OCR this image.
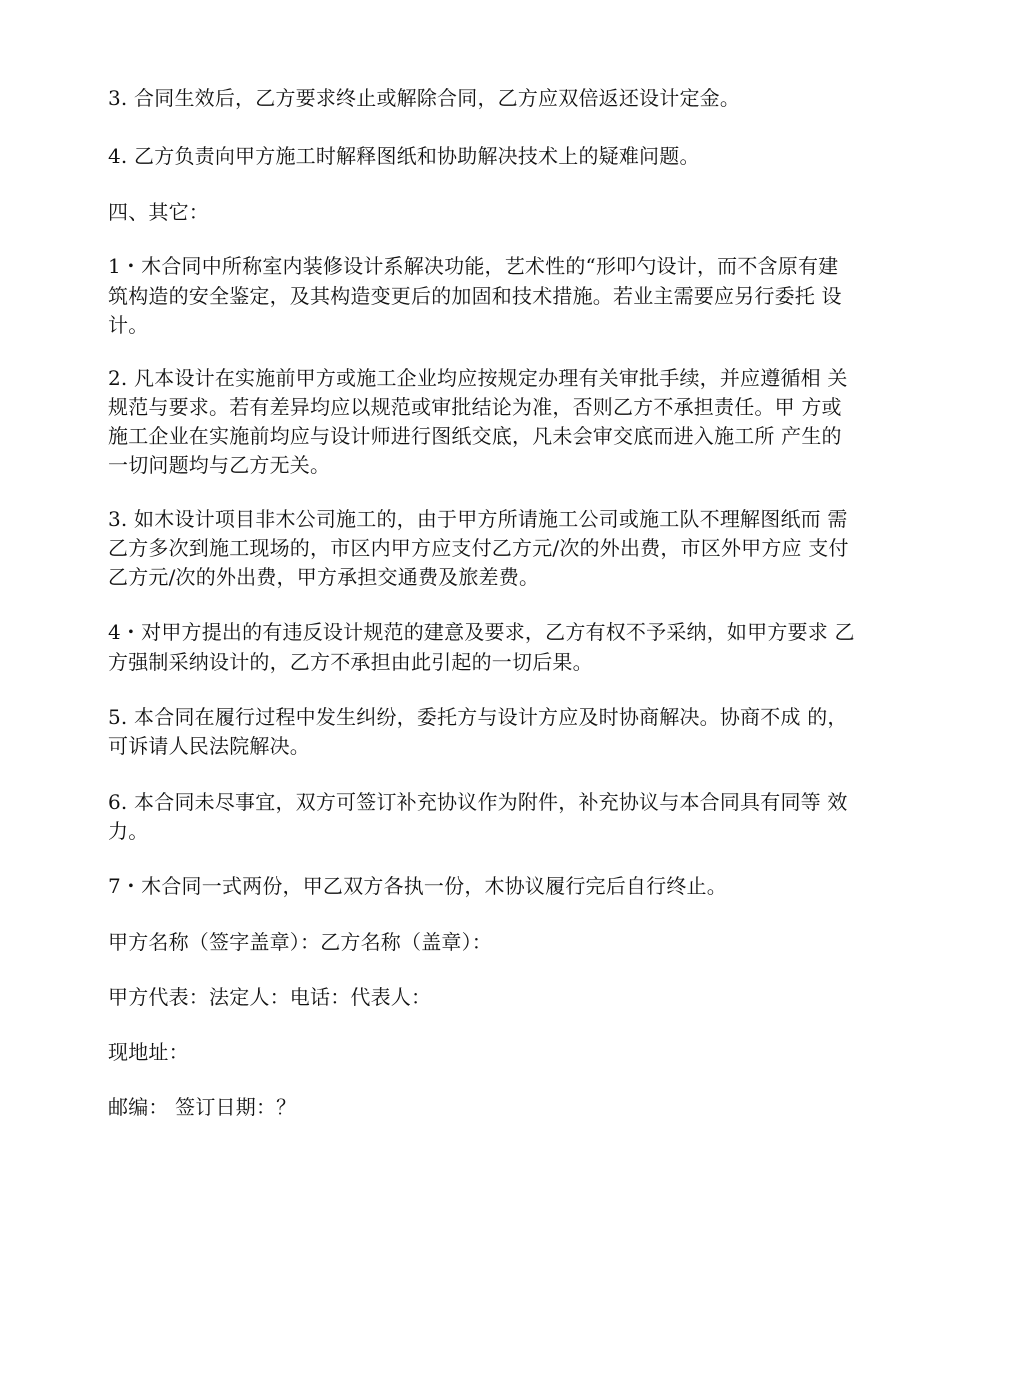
3. 合同生效后，乙方要求终止或解除合同，乙方应双倍返还设计定金。

4. 乙方负责向甲方施工时解释图纸和协助解决技术上的疑难问题。

四、其它：

1・木合同中所称室内装修设计系解决功能，艺术性的“形叩勺设计，而不含原有建

筑构造的安全鉴定，及其构造变更后的加固和技术措施。若业主需要应另行委托 设

计。

2. 凡本设计在实施前甲方或施工企业均应按规定办理有关审批手续，并应遵循相 关

规范与要求。若有差异均应以规范或审批结论为准，否则乙方不承担责任。甲 方或

施工企业在实施前均应与设计师进行图纸交底，凡未会审交底而进入施工所 产生的

一切问题均与乙方无关。

3. 如木设计项目非木公司施工的，由于甲方所请施工公司或施工队不理解图纸而 需

乙方多次到施工现场的，市区内甲方应支付乙方元/次的外出费，市区外甲方应 支付

乙方元/次的外出费，甲方承担交通费及旅差费。

4・对甲方提出的有违反设计规范的建意及要求，乙方有权不予采纳，如甲方要求 乙

方强制采纳设计的，乙方不承担由此引起的一切后果。

5. 本合同在履行过程中发生纠纷，委托方与设计方应及时协商解决。协商不成 的，

可诉请人民法院解决。

6. 本合同未尽事宜，双方可签订补充协议作为附件，补充协议与本合同具有同等 效

力。

7・木合同一式两份，甲乙双方各执一份，木协议履行完后自行终止。

甲方名称（签字盖章）：乙方名称（盖章）：

甲方代表：法定人：电话：代表人：

现地址：

邮编： 签订日期：？
